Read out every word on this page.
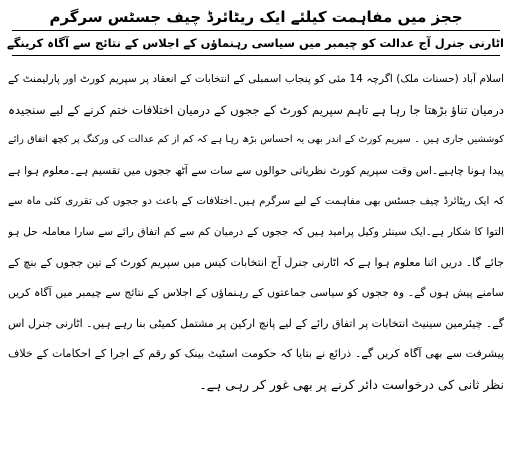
ججز میں مفاہمت کیلئے ایک ریٹائرڈ چیف جسٹس سرگرم
اٹارنی جنرل آج عدالت کو چیمبر میں سیاسی رہنماؤں کے اجلاس کے نتائج سے آگاہ کرینگے
اسلام آباد (حسنات ملک) اگرچہ 14 مئی کو پنجاب اسمبلی کے انتخابات کے انعقاد پر سپریم کورٹ اور پارلیمنٹ کے
درمیان تناؤ بڑھتا جا رہا ہے تاہم سپریم کورٹ کے ججوں کے درمیان اختلافات ختم کرنے کے لیے سنجیدہ
کوششیں جاری ہیں ۔ سپریم کورٹ کے اندر بھی یہ احساس بڑھ رہا ہے کہ کم از کم عدالت کی ورکنگ پر کچھ اتفاق رائے
پیدا ہونا چاہیے۔اس وقت سپریم کورٹ نظریاتی حوالوں سے سات سے آٹھ ججوں میں تقسیم ہے۔معلوم ہوا ہے
کہ ایک ریٹائرڈ چیف جسٹس بھی مفاہمت کے لیے سرگرم ہیں۔اختلافات کے باعث دو ججوں کی تقرری کئی ماہ سے
التوا کا شکار ہے۔ایک سینئر وکیل پرامید ہیں کہ ججوں کے درمیان کم سے کم اتفاق رائے سے سارا معاملہ حل ہو
جائے گا۔ دریں اثنا معلوم ہوا ہے کہ اٹارنی جنرل آج انتخابات کیس میں سپریم کورٹ کے تین ججوں کے بنچ کے
سامنے پیش ہوں گے۔ وہ ججوں کو سیاسی جماعتوں کے رہنماؤں کے اجلاس کے نتائج سے چیمبر میں آگاہ کریں
گے۔ چیئرمین سینیٹ انتخابات پر اتفاق رائے کے لیے پانچ ارکین پر مشتمل کمیٹی بنا رہے ہیں۔ اٹارنی جنرل اس
پیشرفت سے بھی آگاہ کریں گے۔ ذرائع نے بتایا کہ حکومت اسٹیٹ بینک کو رقم کے اجرا کے احکامات کے خلاف
نظر ثانی کی درخواست دائر کرنے پر بھی غور کر رہی ہے۔
